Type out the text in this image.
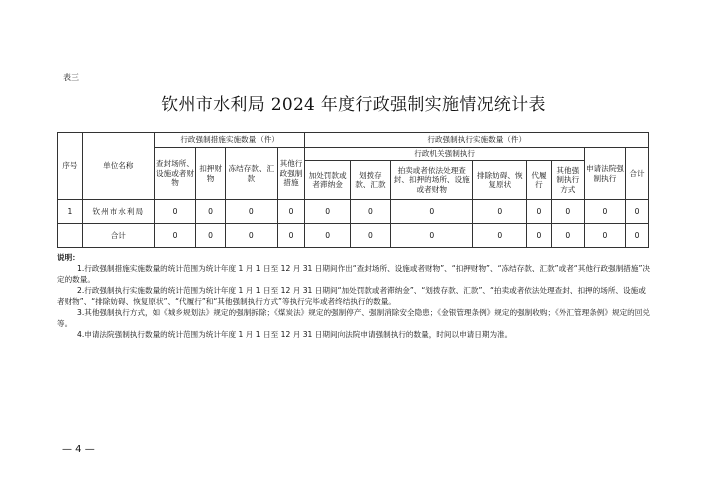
表三
钦州市水利局 2024 年度行政强制实施情况统计表
序号	单位名称	行政强制措施实施数量（件）				行政强制执行实施数量（件）							
		查封场所、设施或者财物	扣押财物	冻结存款、汇款	其他行政强制措施	行政机关强制执行						申请法院强制执行	合计
						加处罚款或者滞纳金	划拨存款、汇款	拍卖或者依法处理查封、扣押的场所、设施或者财物	排除妨碍、恢复原状	代履行	其他强制执行方式		
1	钦州市水利局	0	0	0	0	0	0	0	0	0	0	0	0
	合计	0	0	0	0	0	0	0	0	0	0	0	0
说明：

1.行政强制措施实施数量的统计范围为统计年度 1 月 1 日至 12 月 31 日期间作出“查封场所、设施或者财物”、“扣押财物”、“冻结存款、汇款”或者“其他行政强制措施”决定的数量。

2.行政强制执行实施数量的统计范围为统计年度 1 月 1 日至 12 月 31 日期间“加处罚款或者滞纳金”、“划拨存款、汇款”、“拍卖或者依法处理查封、扣押的场所、设施或者财物”、“排除妨碍、恢复原状”、“代履行”和“其他强制执行方式”等执行完毕或者终结执行的数量。

3.其他强制执行方式，如《城乡规划法》规定的强制拆除；《煤炭法》规定的强制停产、强制消除安全隐患；《金银管理条例》规定的强制收购；《外汇管理条例》规定的回兑等。

4.申请法院强制执行数量的统计范围为统计年度 1 月 1 日至 12 月 31 日期间向法院申请强制执行的数量，时间以申请日期为准。

— 4 —
